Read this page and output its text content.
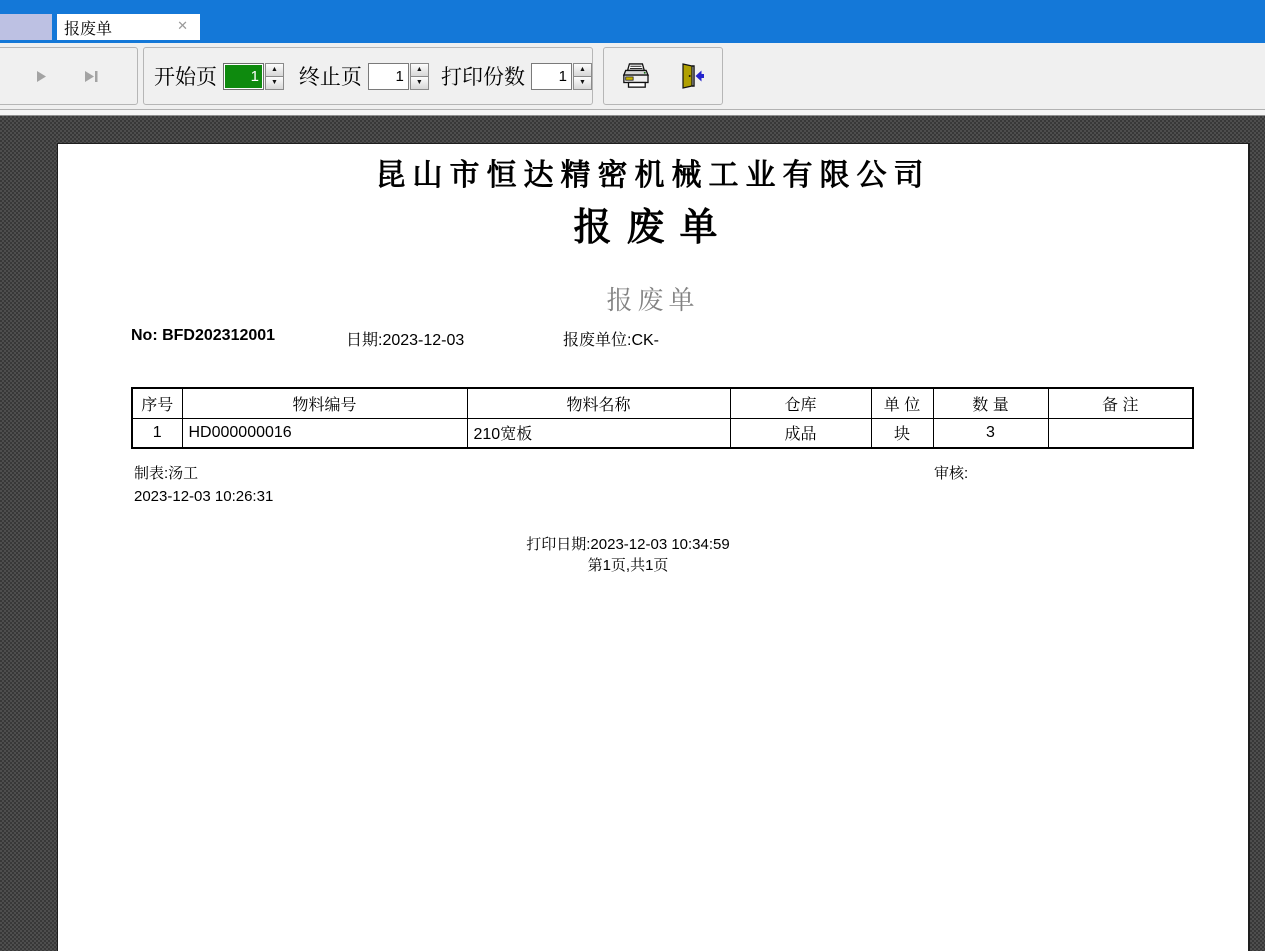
报废单	✕
开始页
1	▲
▼ 终止页
1	▲
▼ 打印份数
1	▲
▼
昆山市恒达精密机械工业有限公司
报废单
报废单
No: BFD202312001	日期:2023-12-03	报废单位:CK-
序号	物料编号	物料名称	仓库	单 位	数 量	备 注
1	HD000000016	210宽板	成品	块	3	
制表:汤工	审核:
2023-12-03 10:26:31
打印日期:2023-12-03 10:34:59
第1页,共1页
